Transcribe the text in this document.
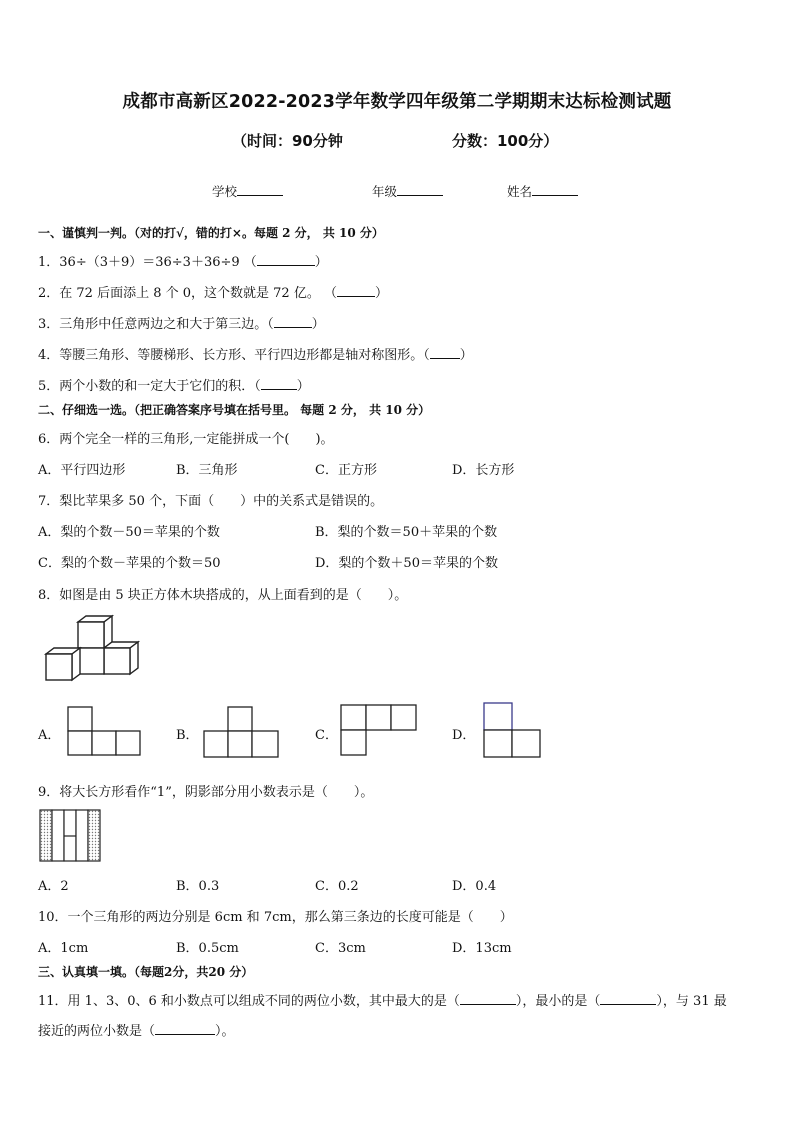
成都市高新区2022-2023学年数学四年级第二学期期末达标检测试题
（时间：90分钟	分数：100分）
学校	年级	姓名
一、谨慎判一判。（对的打√，错的打×。每题 2 分， 共 10 分）
1．36÷（3＋9）＝36÷3＋36÷9 （	）
2．在 72 后面添上 8 个 0，这个数就是 72 亿。 （	）
3．三角形中任意两边之和大于第三边。（	）
4．等腰三角形、等腰梯形、长方形、平行四边形都是轴对称图形。（ ）
5．两个小数的和一定大于它们的积．（	）
二、仔细选一选。（把正确答案序号填在括号里。 每题 2 分， 共 10 分）
6．两个完全一样的三角形,一定能拼成一个(　　)。
A．平行四边形	B．三角形	C．正方形	D．长方形
7．梨比苹果多 50 个，下面（　　）中的关系式是错误的。
A．梨的个数－50＝苹果的个数	B．梨的个数＝50＋苹果的个数
C．梨的个数－苹果的个数＝50	D．梨的个数＋50＝苹果的个数
8．如图是由 5 块正方体木块搭成的，从上面看到的是（　　）。
A．	B．	C．	D．
9．将大长方形看作“1”，阴影部分用小数表示是（　　）。
A．2	B．0.3	C．0.2	D．0.4
10．一个三角形的两边分别是 6cm 和 7cm，那么第三条边的长度可能是（　　）
A．1cm	B．0.5cm	C．3cm	D．13cm
三、认真填一填。（每题2分，共20 分）
11．用 1、3、0、6 和小数点可以组成不同的两位小数，其中最大的是（	），最小的是（	），与 31 最
接近的两位小数是（	）。
